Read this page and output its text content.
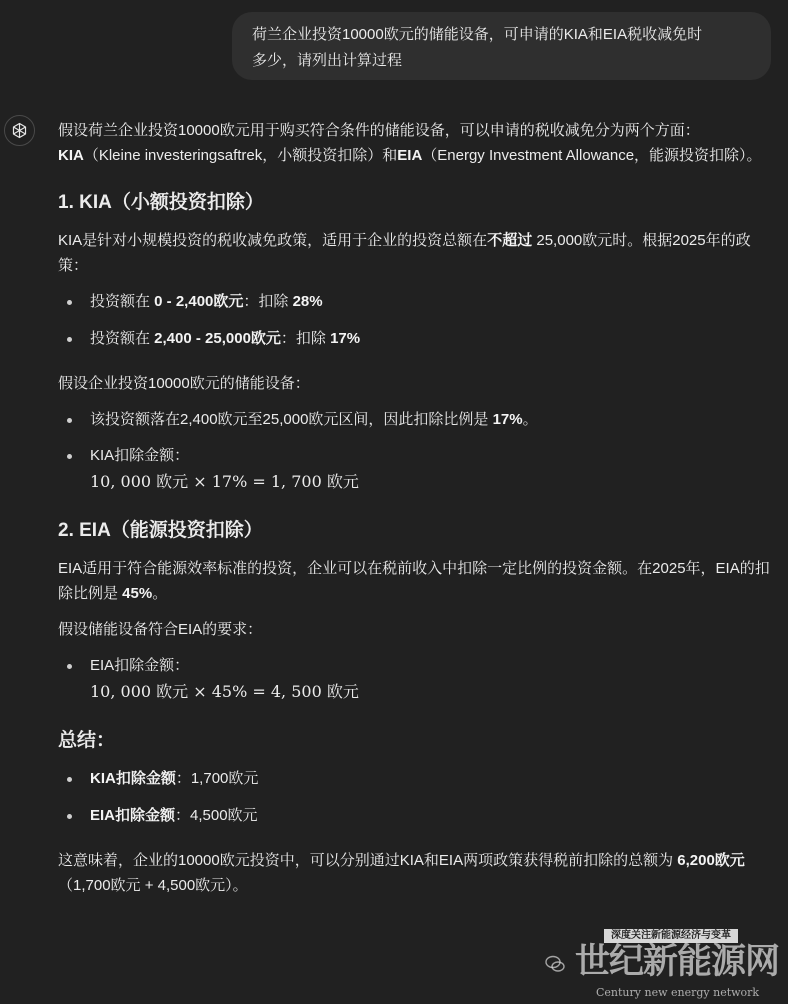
荷兰企业投资10000欧元的储能设备，可申请的KIA和EIA税收减免时
多少，请列出计算过程

假设荷兰企业投资10000欧元用于购买符合条件的储能设备，可以申请的税收减免分为两个方面：
KIA（Kleine investeringsaftrek，小额投资扣除）和EIA（Energy Investment Allowance，能源投资扣除）。

1. KIA（小额投资扣除）

KIA是针对小规模投资的税收减免政策，适用于企业的投资总额在不超过 25,000欧元时。根据2025年的政策：

投资额在 0 - 2,400欧元：扣除 28%
投资额在 2,400 - 25,000欧元：扣除 17%

假设企业投资10000欧元的储能设备：

该投资额落在2,400欧元至25,000欧元区间，因此扣除比例是 17%。
KIA扣除金额：
10, 000 欧元 × 17% = 1, 700 欧元
2. EIA（能源投资扣除）

EIA适用于符合能源效率标准的投资，企业可以在税前收入中扣除一定比例的投资金额。在2025年，EIA的扣除比例是 45%。

假设储能设备符合EIA的要求：

EIA扣除金额：
10, 000 欧元 × 45% = 4, 500 欧元
总结：
KIA扣除金额：1,700欧元
EIA扣除金额：4,500欧元

这意味着，企业的10000欧元投资中，可以分别通过KIA和EIA两项政策获得税前扣除的总额为 6,200欧元（1,700欧元 + 4,500欧元）。

深度关注新能源经济与变革
世纪新能源网
Century new energy network
